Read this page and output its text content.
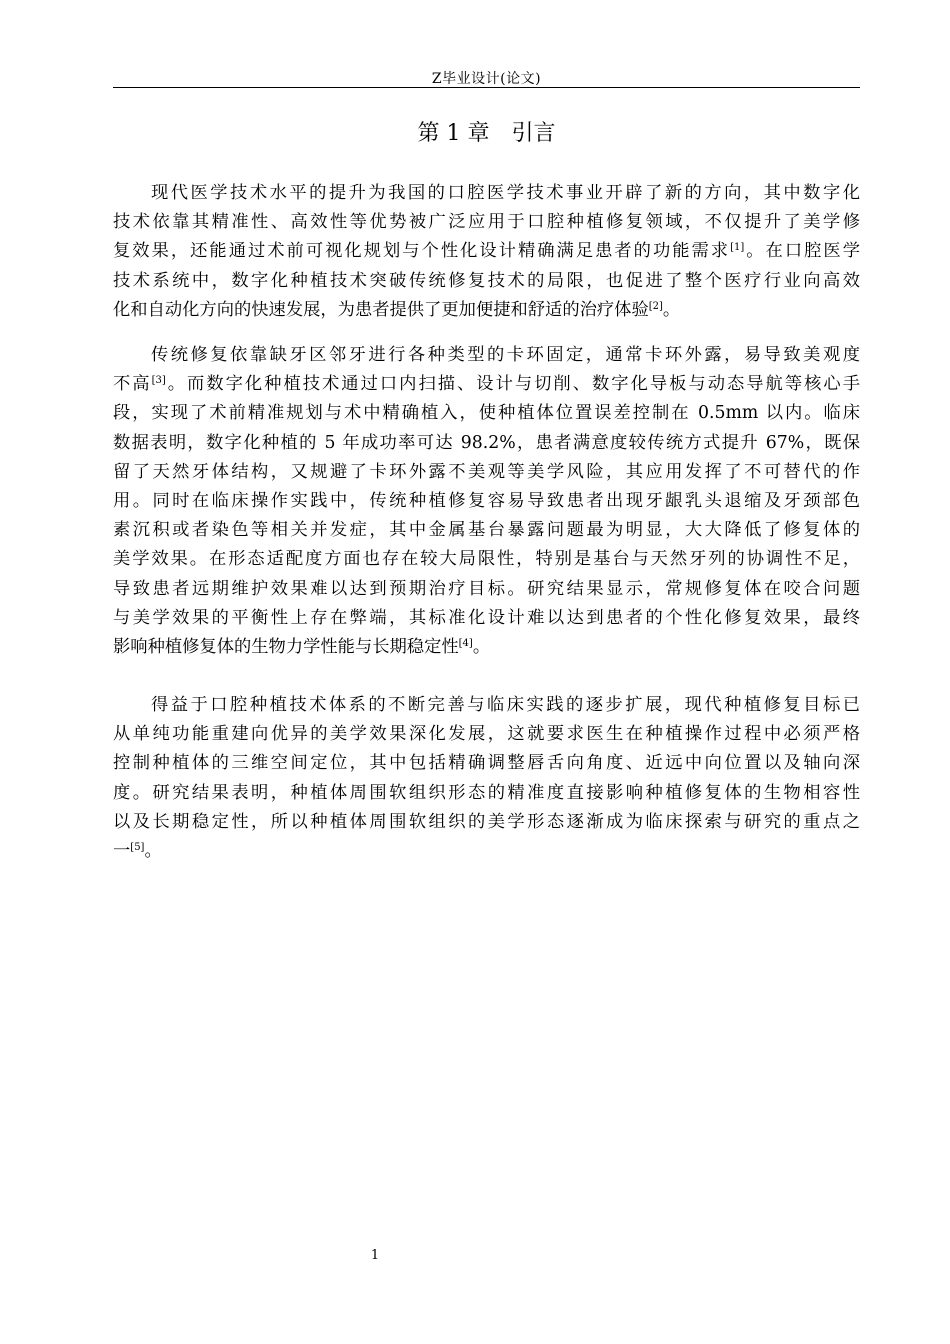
Z毕业设计(论文)
第 1 章　引言
现代医学技术水平的提升为我国的口腔医学技术事业开辟了新的方向，其中数字化
技术依靠其精准性、高效性等优势被广泛应用于口腔种植修复领域，不仅提升了美学修
复效果，还能通过术前可视化规划与个性化设计精确满足患者的功能需求[1]。在口腔医学
技术系统中，数字化种植技术突破传统修复技术的局限，也促进了整个医疗行业向高效
化和自动化方向的快速发展，为患者提供了更加便捷和舒适的治疗体验[2]。
传统修复依靠缺牙区邻牙进行各种类型的卡环固定，通常卡环外露，易导致美观度
不高[3]。而数字化种植技术通过口内扫描、设计与切削、数字化导板与动态导航等核心手
段，实现了术前精准规划与术中精确植入，使种植体位置误差控制在 0.5mm 以内。临床
数据表明，数字化种植的 5 年成功率可达 98.2%，患者满意度较传统方式提升 67%，既保
留了天然牙体结构，又规避了卡环外露不美观等美学风险，其应用发挥了不可替代的作
用。同时在临床操作实践中，传统种植修复容易导致患者出现牙龈乳头退缩及牙颈部色
素沉积或者染色等相关并发症，其中金属基台暴露问题最为明显，大大降低了修复体的
美学效果。在形态适配度方面也存在较大局限性，特别是基台与天然牙列的协调性不足，
导致患者远期维护效果难以达到预期治疗目标。研究结果显示，常规修复体在咬合问题
与美学效果的平衡性上存在弊端，其标准化设计难以达到患者的个性化修复效果，最终
影响种植修复体的生物力学性能与长期稳定性[4]。
得益于口腔种植技术体系的不断完善与临床实践的逐步扩展，现代种植修复目标已
从单纯功能重建向优异的美学效果深化发展，这就要求医生在种植操作过程中必须严格
控制种植体的三维空间定位，其中包括精确调整唇舌向角度、近远中向位置以及轴向深
度。研究结果表明，种植体周围软组织形态的精准度直接影响种植修复体的生物相容性
以及长期稳定性，所以种植体周围软组织的美学形态逐渐成为临床探索与研究的重点之
一[5]。
1
